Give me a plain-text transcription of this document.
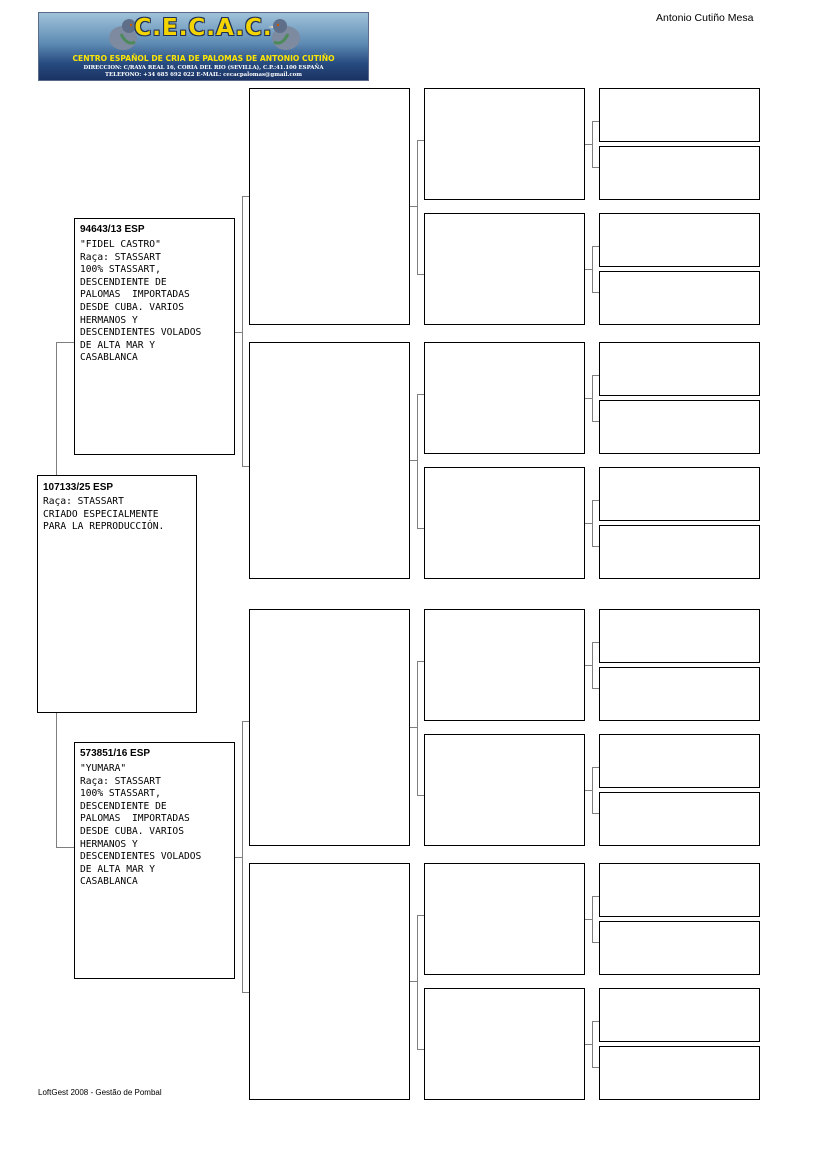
C.E.C.A.C.
CENTRO ESPAÑOL DE CRIA DE PALOMAS DE ANTONIO CUTIÑO
DIRECCION: C/RAYA REAL 16, CORIA DEL RIO (SEVILLA), C.P.:41.100 ESPAÑA
TELEFONO: +34 685 692 022 E-MAIL: cecacpalomas@gmail.com
Antonio Cutiño Mesa
107133/25 ESP
Raça: STASSART
CRIADO ESPECIALMENTE
PARA LA REPRODUCCIÓN.
94643/13 ESP
"FIDEL CASTRO"
Raça: STASSART
100% STASSART,
DESCENDIENTE DE
PALOMAS  IMPORTADAS
DESDE CUBA. VARIOS
HERMANOS Y
DESCENDIENTES VOLADOS
DE ALTA MAR Y
CASABLANCA
573851/16 ESP
"YUMARA"
Raça: STASSART
100% STASSART,
DESCENDIENTE DE
PALOMAS  IMPORTADAS
DESDE CUBA. VARIOS
HERMANOS Y
DESCENDIENTES VOLADOS
DE ALTA MAR Y
CASABLANCA
LoftGest 2008 - Gestão de Pombal
